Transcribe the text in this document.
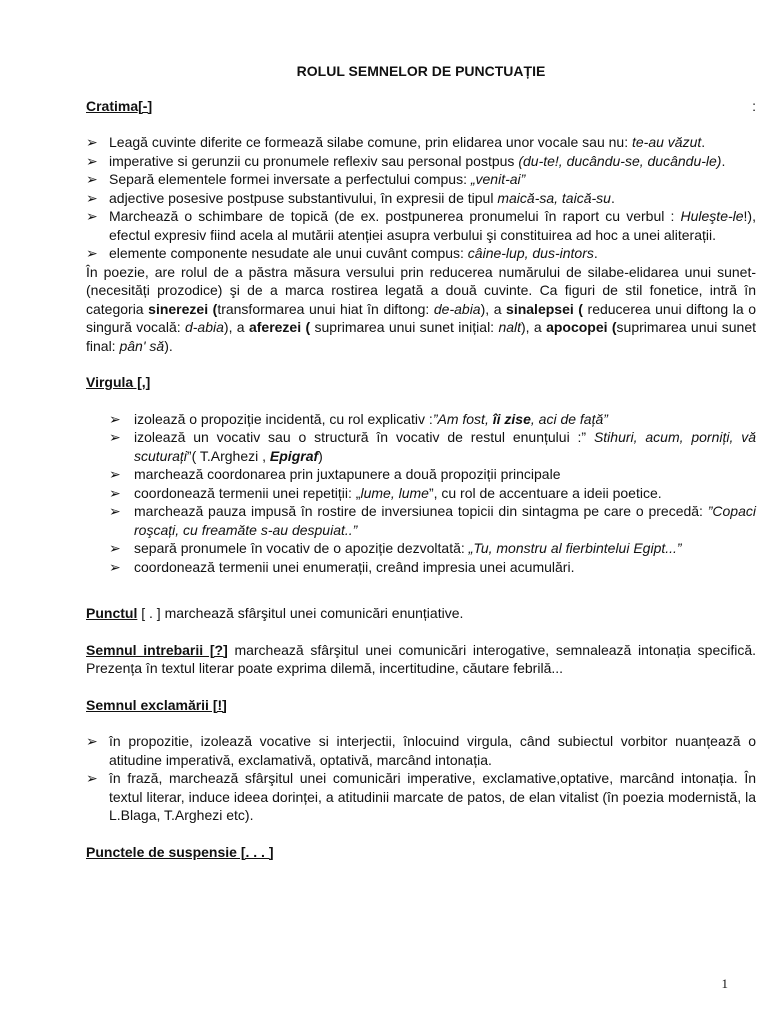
ROLUL SEMNELOR DE PUNCTUAȚIE
Cratima[-]	:
➢ Leagă cuvinte diferite ce formează silabe comune, prin elidarea unor vocale sau nu: te-au văzut.
➢ imperative si gerunzii cu pronumele reflexiv sau personal postpus (du-te!, ducându-se, ducându-le).
➢ Separă elementele formei inversate a perfectului compus: „venit-ai”
➢ adjective posesive postpuse substantivului, în expresii de tipul maică-sa, taică-su.
➢ Marchează o schimbare de topică (de ex. postpunerea pronumelui în raport cu verbul : Huleşte-le!), efectul expresiv fiind acela al mutării atenției asupra verbului şi constituirea ad hoc a unei aliterații.
➢ elemente componente nesudate ale unui cuvânt compus: câine-lup, dus-intors.

În poezie, are rolul de a păstra măsura versului prin reducerea numărului de silabe-elidarea unui sunet- (necesități prozodice) şi de a marca rostirea legată a două cuvinte. Ca figuri de stil fonetice, intră în categoria sinerezei (transformarea unui hiat în diftong: de-abia), a sinalepsei ( reducerea unui diftong la o singură vocală: d-abia), a aferezei ( suprimarea unui sunet inițial: nalt), a apocopei (suprimarea unui sunet final: pân' să).

Virgula [,]
➢ izolează o propoziție incidentă, cu rol explicativ :”Am fost, îi zise, aci de față”
➢ izolează un vocativ sau o structură în vocativ de restul enunțului :” Stihuri, acum, porniți, vă scuturați”( T.Arghezi , Epigraf)
➢ marchează coordonarea prin juxtapunere a două propoziții principale
➢ coordonează termenii unei repetiții: „lume, lume”, cu rol de accentuare a ideii poetice.
➢ marchează pauza impusă în rostire de inversiunea topicii din sintagma pe care o precedă: ”Copaci roşcați, cu freamăte s-au despuiat..”
➢ separă pronumele în vocativ de o apoziție dezvoltată: „Tu, monstru al fierbintelui Egipt...”
➢ coordonează termenii unei enumerații, creând impresia unei acumulări.

Punctul [ . ] marchează sfârşitul unei comunicări enunțiative.

Semnul intrebarii [?] marchează sfârşitul unei comunicări interogative, semnalează intonația specifică. Prezența în textul literar poate exprima dilemă, incertitudine, căutare febrilă...

Semnul exclamării [!]
➢ în propozitie, izolează vocative si interjectii, înlocuind virgula, când subiectul vorbitor nuanțează o atitudine imperativă, exclamativă, optativă, marcând intonația.
➢ în frază, marchează sfârşitul unei comunicări imperative, exclamative,optative, marcând intonația. În textul literar, induce ideea dorinței, a atitudinii marcate de patos, de elan vitalist (în poezia modernistă, la L.Blaga, T.Arghezi etc).
Punctele de suspensie [. . . ]
1
